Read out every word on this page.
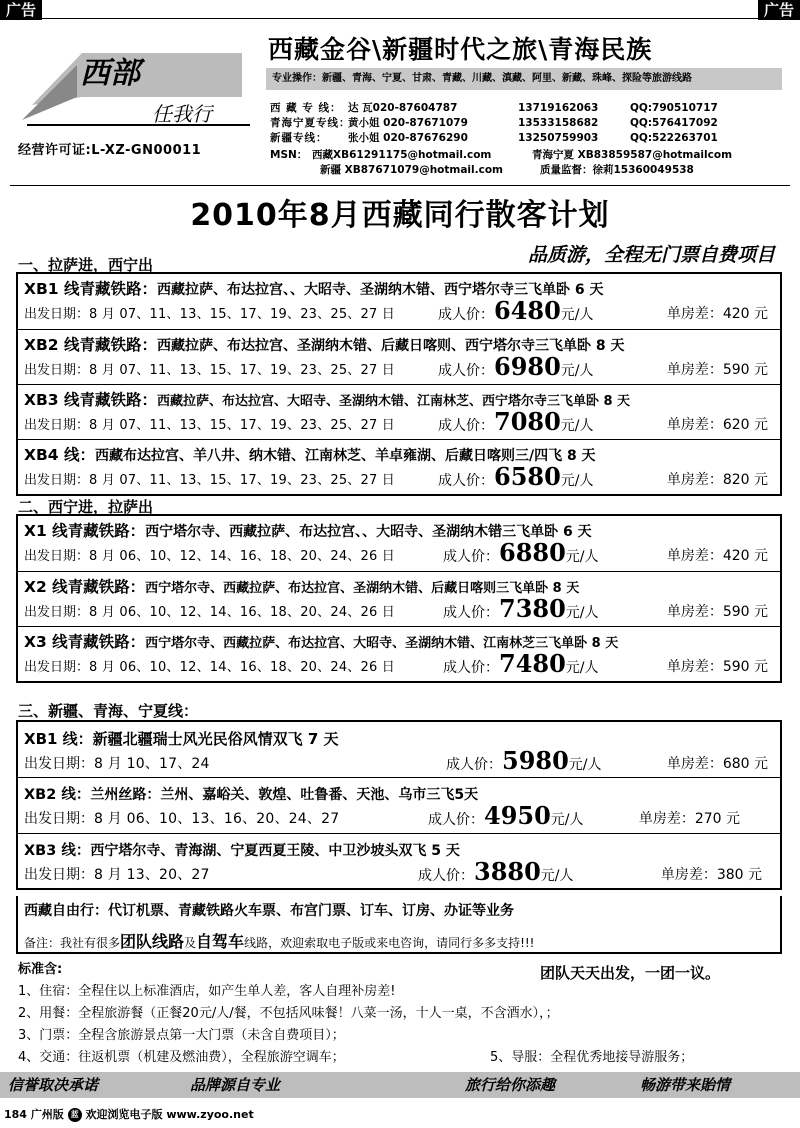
广告	广告
西部
任我行
经营许可证:L-XZ-GN00011
西藏金谷\新疆时代之旅\青海民族
专业操作：新疆、青海、宁夏、甘肃、青藏、川藏、滇藏、阿里、新藏、珠峰、探险等旅游线路
西 藏 专 线： 达 瓦020-87604787	13719162063	QQ:790510717
青海宁夏专线：黄小姐 020-87671079	13533158682	QQ:576417092
新疆专线： 张小姐 020-87676290	13250759903	QQ:522263701
MSN： 西藏XB61291175@hotmail.com	青海宁夏 XB83859587@hotmailcom
新疆 XB87671079@hotmail.com	质量监督：徐莉15360049538
2010年8月西藏同行散客计划
品质游，全程无门票自费项目
一、拉萨进，西宁出
XB1 线青藏铁路：西藏拉萨、布达拉宫、、大昭寺、圣湖纳木错、西宁塔尔寺三飞单卧 6 天
出发日期：8 月 07、11、13、15、17、19、23、25、27 日	成人价：6480元/人	单房差：420 元
XB2 线青藏铁路：西藏拉萨、布达拉宫、圣湖纳木错、后藏日喀则、西宁塔尔寺三飞单卧 8 天
出发日期：8 月 07、11、13、15、17、19、23、25、27 日	成人价：6980元/人	单房差：590 元
XB3 线青藏铁路：西藏拉萨、布达拉宫、大昭寺、圣湖纳木错、江南林芝、西宁塔尔寺三飞单卧 8 天
出发日期：8 月 07、11、13、15、17、19、23、25、27 日	成人价：7080元/人	单房差：620 元
XB4 线：西藏布达拉宫、羊八井、纳木错、江南林芝、羊卓雍湖、后藏日喀则三/四飞 8 天
出发日期：8 月 07、11、13、15、17、19、23、25、27 日	成人价：6580元/人	单房差：820 元
二、西宁进，拉萨出
X1 线青藏铁路：西宁塔尔寺、西藏拉萨、布达拉宫、、大昭寺、圣湖纳木错三飞单卧 6 天
出发日期：8 月 06、10、12、14、16、18、20、24、26 日	成人价：6880元/人	单房差：420 元
X2 线青藏铁路：西宁塔尔寺、西藏拉萨、布达拉宫、圣湖纳木错、后藏日喀则三飞单卧 8 天
出发日期：8 月 06、10、12、14、16、18、20、24、26 日	成人价：7380元/人	单房差：590 元
X3 线青藏铁路：西宁塔尔寺、西藏拉萨、布达拉宫、大昭寺、圣湖纳木错、江南林芝三飞单卧 8 天
出发日期：8 月 06、10、12、14、16、18、20、24、26 日	成人价：7480元/人	单房差：590 元
三、新疆、青海、宁夏线：
XB1 线：新疆北疆瑞士风光民俗风情双飞 7 天
出发日期：8 月 10、17、24	成人价：5980元/人	单房差：680 元
XB2 线：兰州丝路：兰州、嘉峪关、敦煌、吐鲁番、天池、乌市三飞5天
出发日期：8 月 06、10、13、16、20、24、27	成人价：4950元/人	单房差：270 元
XB3 线：西宁塔尔寺、青海湖、宁夏西夏王陵、中卫沙坡头双飞 5 天
出发日期：8 月 13、20、27	成人价：3880元/人	单房差：380 元
西藏自由行：代订机票、青藏铁路火车票、布宫门票、订车、订房、办证等业务
备注：我社有很多团队线路及自驾车线路，欢迎索取电子版或来电咨询，请同行多多支持!!!
标准含:
1、住宿：全程住以上标准酒店，如产生单人差，客人自理补房差!
2、用餐：全程旅游餐（正餐20元/人/餐，不包括风味餐！八菜一汤，十人一桌，不含酒水），；
3、门票：全程含旅游景点第一大门票（未含自费项目）；
4、交通：往返机票（机建及燃油费），全程旅游空调车；	5、导服：全程优秀地接导游服务；
团队天天出发，一团一议。
信誉取决承诺	品牌源自专业	旅行给你添趣	畅游带来貽情
184 广州版 蓝 欢迎浏览电子版 www.zyoo.net
